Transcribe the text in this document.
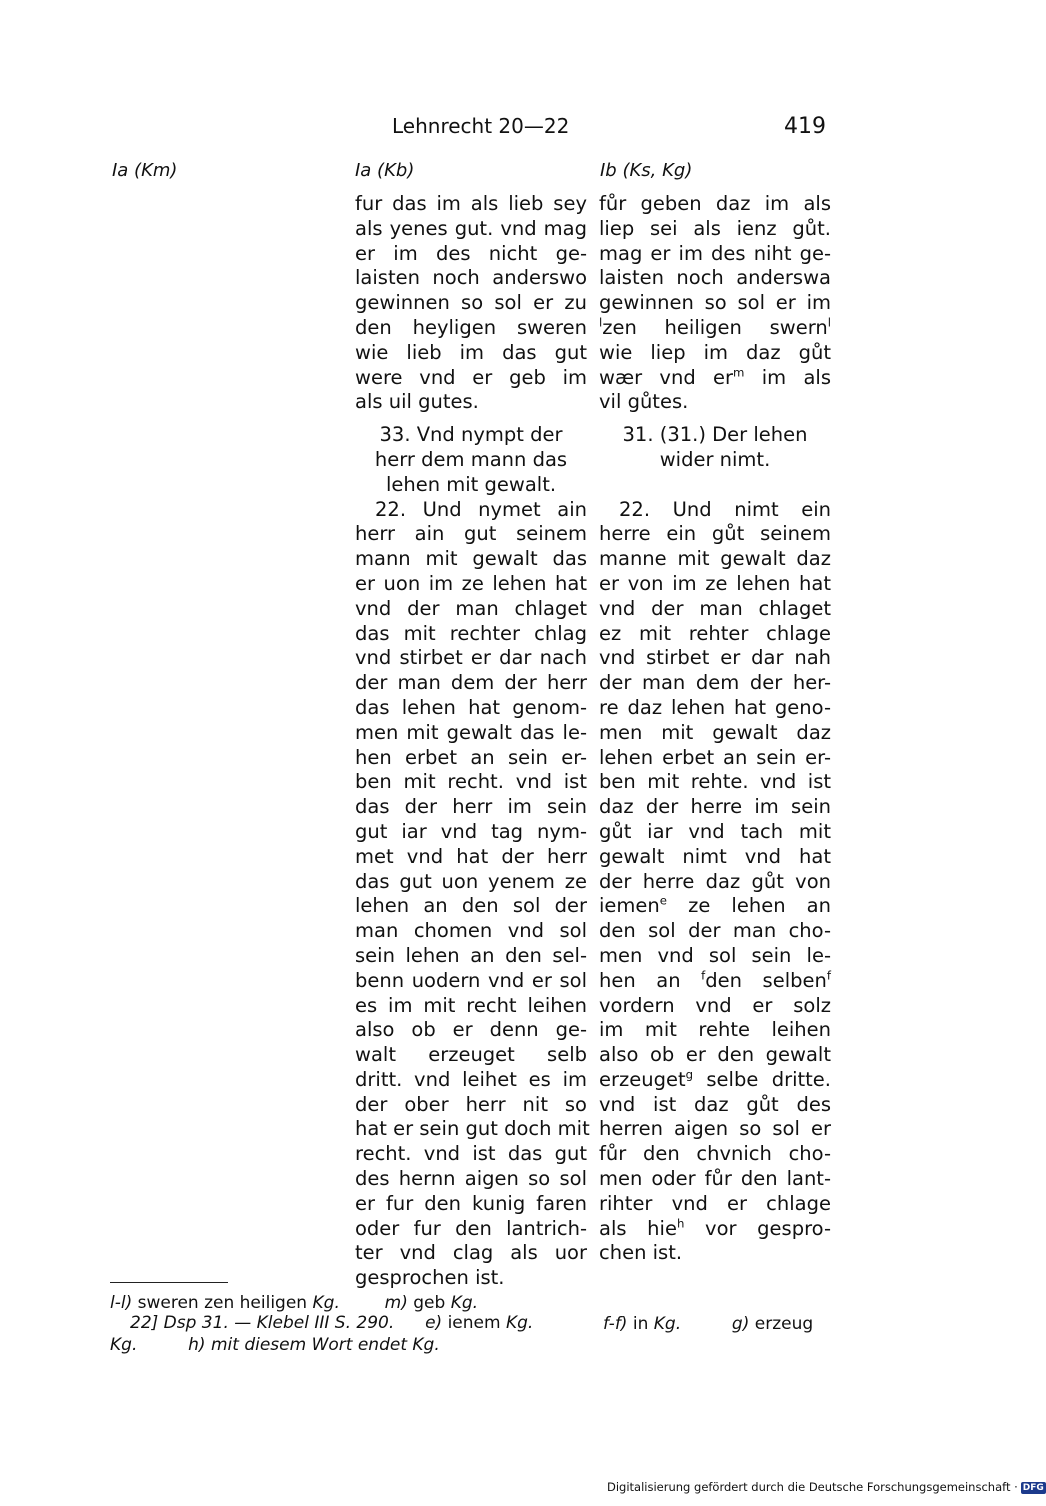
Lehnrecht 20—22	419
Ia (Km)	Ia (Kb)	Ib (Ks, Kg)
fur das im als lieb sey
als yenes gut. vnd mag
er im des nicht ge-
laisten noch anderswo
gewinnen so sol er zu
den heyligen sweren
wie lieb im das gut
were vnd er geb im
als uil gutes.
33. Vnd nympt der
herr dem mann das
lehen mit gewalt.
22. Und nymet ain
herr ain gut seinem
mann mit gewalt das
er uon im ze lehen hat
vnd der man chlaget
das mit rechter chlag
vnd stirbet er dar nach
der man dem der herr
das lehen hat genom-
men mit gewalt das le-
hen erbet an sein er-
ben mit recht. vnd ist
das der herr im sein
gut iar vnd tag nym-
met vnd hat der herr
das gut uon yenem ze
lehen an den sol der
man chomen vnd sol
sein lehen an den sel-
benn uodern vnd er sol
es im mit recht leihen
also ob er denn ge-
walt erzeuget selb
dritt. vnd leihet es im
der ober herr nit so
hat er sein gut doch mit
recht. vnd ist das gut
des hernn aigen so sol
er fur den kunig faren
oder fur den lantrich-
ter vnd clag als uor
gesprochen ist.
fůr geben daz im als
liep sei als ienz gůt.
mag er im des niht ge-
laisten noch anderswa
gewinnen so sol er im
$^l$zen heiligen swern$^l$
wie liep im daz gůt
wær vnd $er^m$ im als
vil gůtes.
31. (31.) Der lehen
wider nimt.
22. Und nimt ein
herre ein gůt seinem
manne mit gewalt daz
er von im ze lehen hat
vnd der man chlaget
ez mit rehter chlage
vnd stirbet er dar nah
der man dem der her-
re daz lehen hat geno-
men mit gewalt daz
lehen erbet an sein er-
ben mit rehte. vnd ist
daz der herre im sein
gůt iar vnd tach mit
gewalt nimt vnd hat
der herre daz gůt von
iemen$^e$ ze lehen an
den sol der man cho-
men vnd sol sein le-
hen an $^f$den selben$^f$
vordern vnd er solz
im mit rehte leihen
also ob er den gewalt
erzeuget$^g$ selbe dritte.
vnd ist daz gůt des
herren aigen so sol er
fůr den chvnich cho-
men oder fůr den lant-
rihter vnd er chlage
als hie$^h$ vor gespro-
chen ist.
l-l) sweren zen heiligen Kg.	m) geb Kg.
22] Dsp 31. — Klebel III S. 290. e) ienem Kg.	f-f) in Kg.	g) erzeug
Kg.	h) mit diesem Wort endet Kg.
Digitalisierung gefördert durch die Deutsche Forschungsgemeinschaft · DFG
